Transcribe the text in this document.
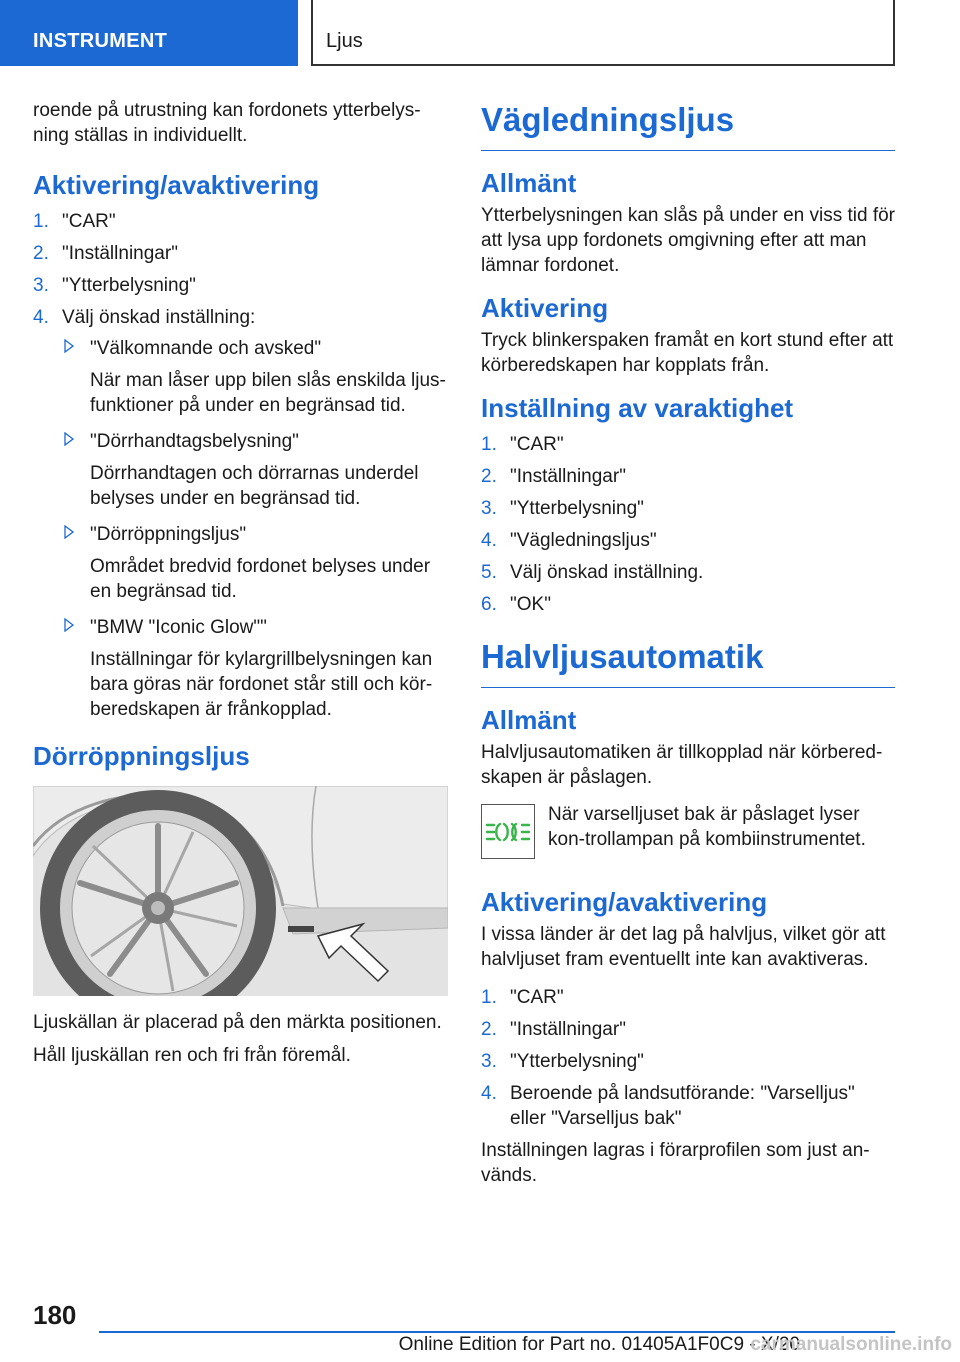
INSTRUMENT	Ljus

roende på utrustning kan fordonets ytterbelys-ning ställas in individuellt.

Aktivering/avaktivering
1. "CAR"
2. "Inställningar"
3. "Ytterbelysning"
4. Välj önskad inställning:
"Välkomnande och avsked"
När man låser upp bilen slås enskilda ljus-funktioner på under en begränsad tid.
"Dörrhandtagsbelysning"
Dörrhandtagen och dörrarnas underdel belyses under en begränsad tid.
"Dörröppningsljus"
Området bredvid fordonet belyses under en begränsad tid.
"BMW "Iconic Glow""
Inställningar för kylargrillbelysningen kan bara göras när fordonet står still och kör-beredskapen är frånkopplad.
Dörröppningsljus

Ljuskällan är placerad på den märkta positionen.

Håll ljuskällan ren och fri från föremål.

Vägledningsljus
Allmänt

Ytterbelysningen kan slås på under en viss tid för att lysa upp fordonets omgivning efter att man lämnar fordonet.

Aktivering

Tryck blinkerspaken framåt en kort stund efter att körberedskapen har kopplats från.

Inställning av varaktighet
1. "CAR"
2. "Inställningar"
3. "Ytterbelysning"
4. "Vägledningsljus"
5. Välj önskad inställning.
6. "OK"
Halvljusautomatik
Allmänt

Halvljusautomatiken är tillkopplad när körbered-skapen är påslagen.

När varselljuset bak är påslaget lyser kon-trollampan på kombiinstrumentet.

Aktivering/avaktivering

I vissa länder är det lag på halvljus, vilket gör att halvljuset fram eventuellt inte kan avaktiveras.

1. "CAR"
2. "Inställningar"
3. "Ytterbelysning"
4. Beroende på landsutförande: "Varselljus" eller "Varselljus bak"

Inställningen lagras i förarprofilen som just an-vänds.

180
Online Edition for Part no. 01405A1F0C9 - X/20
carmanualsonline.info
